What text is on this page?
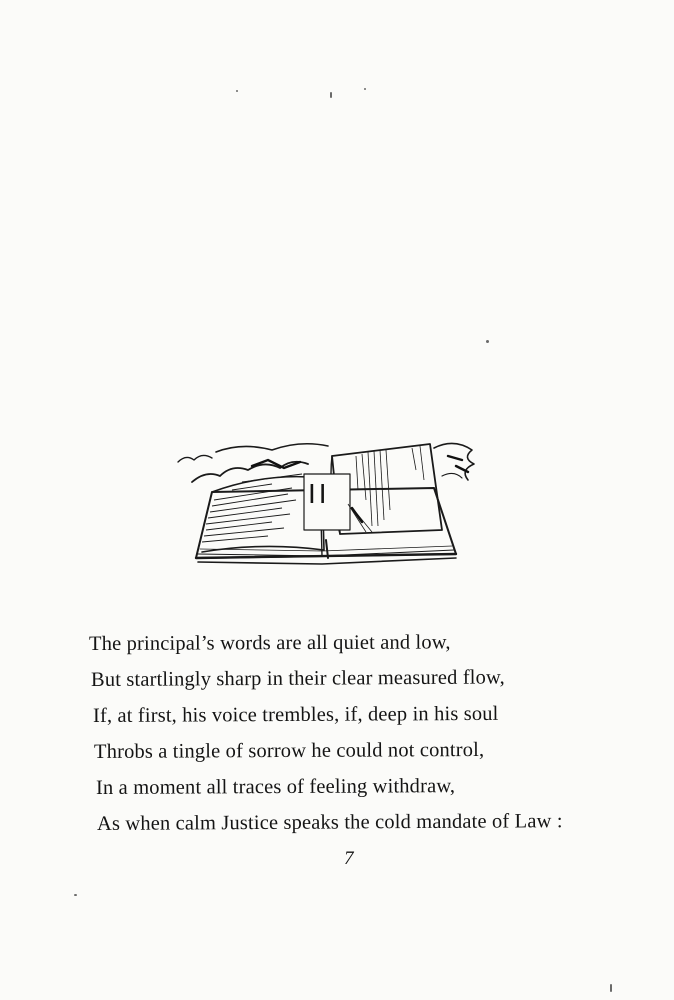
II
The principal’s words are all quiet and low,
But startlingly sharp in their clear measured flow,
If, at first, his voice trembles, if, deep in his soul
Throbs a tingle of sorrow he could not control,
In a moment all traces of feeling withdraw,
As when calm Justice speaks the cold mandate of Law :
7
